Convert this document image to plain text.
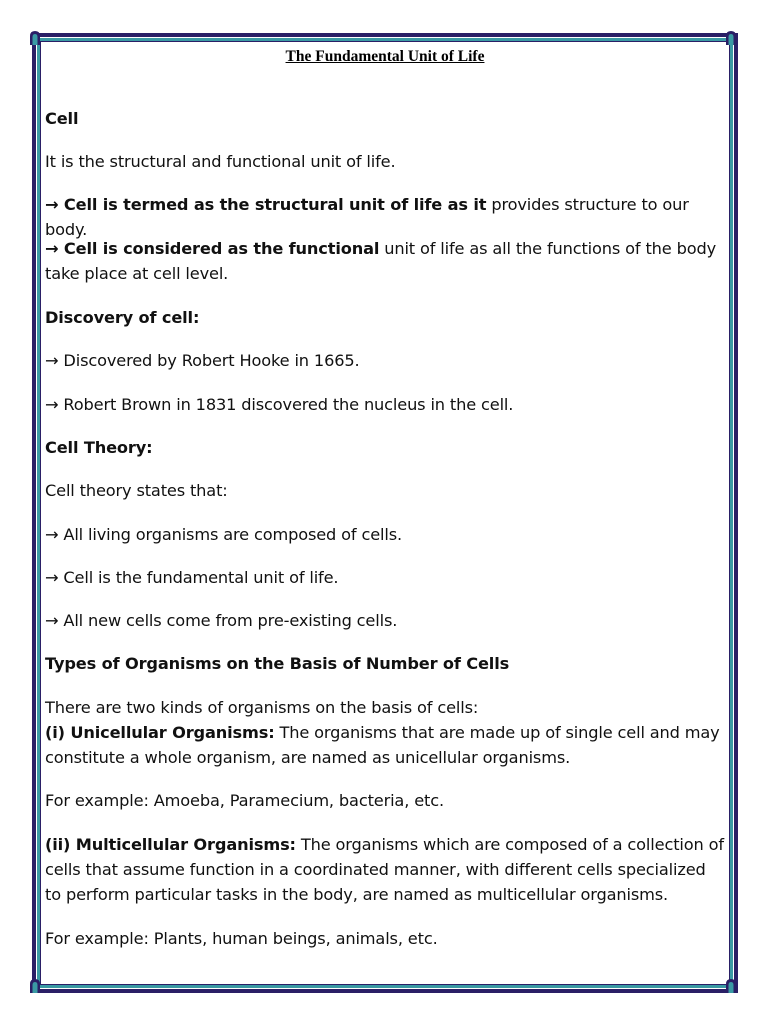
The Fundamental Unit of Life

Cell

It is the structural and functional unit of life.

→ Cell is termed as the structural unit of life as it provides structure to our body.

→ Cell is considered as the functional unit of life as all the functions of the body take place at cell level.

Discovery of cell:

→ Discovered by Robert Hooke in 1665.

→ Robert Brown in 1831 discovered the nucleus in the cell.

Cell Theory:

Cell theory states that:

→ All living organisms are composed of cells.

→ Cell is the fundamental unit of life.

→ All new cells come from pre-existing cells.

Types of Organisms on the Basis of Number of Cells

There are two kinds of organisms on the basis of cells:

(i) Unicellular Organisms: The organisms that are made up of single cell and may constitute a whole organism, are named as unicellular organisms.

For example: Amoeba, Paramecium, bacteria, etc.

(ii) Multicellular Organisms: The organisms which are composed of a collection of cells that assume function in a coordinated manner, with different cells specialized to perform particular tasks in the body, are named as multicellular organisms.

For example: Plants, human beings, animals, etc.
